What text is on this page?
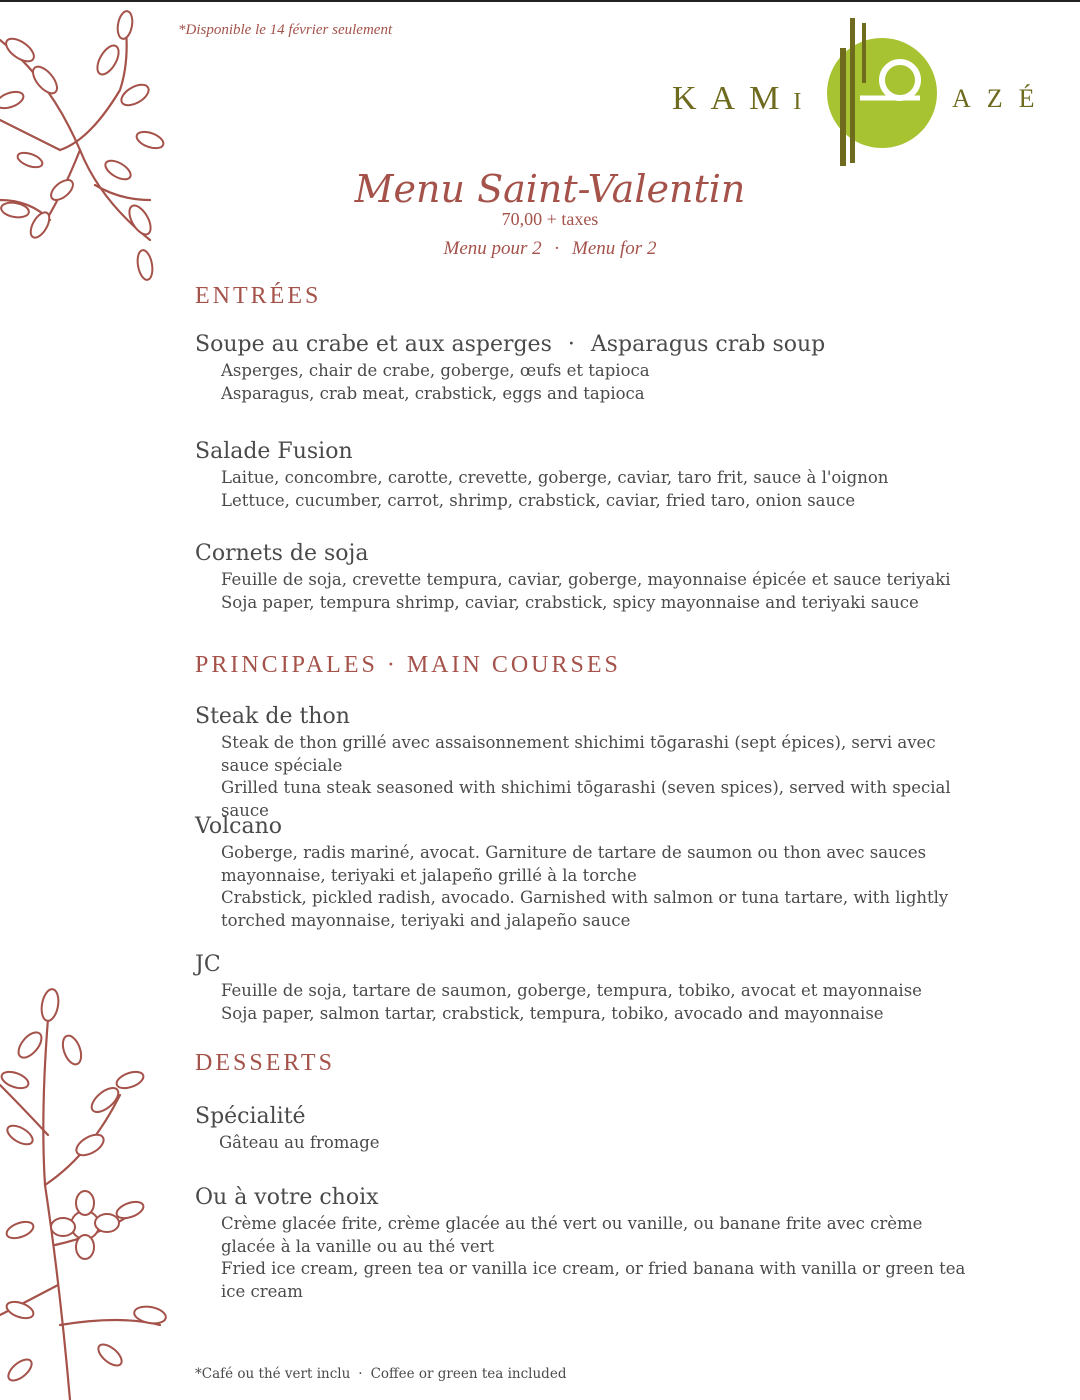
*Disponible le 14 février seulement
KAMi	AZÉ
Menu Saint-Valentin
70,00 + taxes
Menu pour 2 · Menu for 2
ENTRÉES
Soupe au crabe et aux asperges · Asparagus crab soup
Asperges, chair de crabe, goberge, œufs et tapioca
Asparagus, crab meat, crabstick, eggs and tapioca
Salade Fusion
Laitue, concombre, carotte, crevette, goberge, caviar, taro frit, sauce à l'oignon
Lettuce, cucumber, carrot, shrimp, crabstick, caviar, fried taro, onion sauce
Cornets de soja
Feuille de soja, crevette tempura, caviar, goberge, mayonnaise épicée et sauce teriyaki
Soja paper, tempura shrimp, caviar, crabstick, spicy mayonnaise and teriyaki sauce
PRINCIPALES · MAIN COURSES
Steak de thon
Steak de thon grillé avec assaisonnement shichimi tōgarashi (sept épices), servi avec sauce spéciale
Grilled tuna steak seasoned with shichimi tōgarashi (seven spices), served with special sauce
Volcano
Goberge, radis mariné, avocat. Garniture de tartare de saumon ou thon avec sauces mayonnaise, teriyaki et jalapeño grillé à la torche
Crabstick, pickled radish, avocado. Garnished with salmon or tuna tartare, with lightly torched mayonnaise, teriyaki and jalapeño sauce
JC
Feuille de soja, tartare de saumon, goberge, tempura, tobiko, avocat et mayonnaise
Soja paper, salmon tartar, crabstick, tempura, tobiko, avocado and mayonnaise
DESSERTS
Spécialité
Gâteau au fromage
Ou à votre choix
Crème glacée frite, crème glacée au thé vert ou vanille, ou banane frite avec crème glacée à la vanille ou au thé vert
Fried ice cream, green tea or vanilla ice cream, or fried banana with vanilla or green tea ice cream
*Café ou thé vert inclu · Coffee or green tea included
